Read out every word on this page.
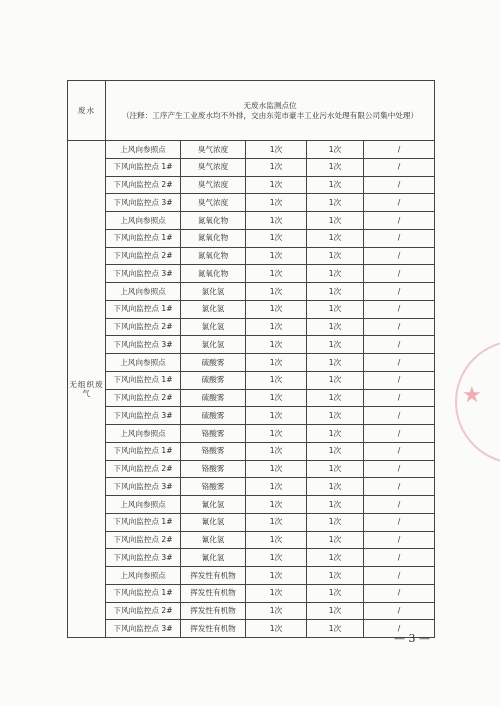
废水	无废水监测点位
（注释：工序产生工业废水均不外排，交由东莞市豪丰工业污水处理有限公司集中处理）				

无组织废气	上风向参照点	臭气浓度	1次	1次	/
	下风向监控点 1#	臭气浓度	1次	1次	/
	下风向监控点 2#	臭气浓度	1次	1次	/
	下风向监控点 3#	臭气浓度	1次	1次	/
	上风向参照点	氮氧化物	1次	1次	/
	下风向监控点 1#	氮氧化物	1次	1次	/
	下风向监控点 2#	氮氧化物	1次	1次	/
	下风向监控点 3#	氮氧化物	1次	1次	/
	上风向参照点	氯化氢	1次	1次	/
	下风向监控点 1#	氯化氢	1次	1次	/
	下风向监控点 2#	氯化氢	1次	1次	/
	下风向监控点 3#	氯化氢	1次	1次	/
	上风向参照点	硫酸雾	1次	1次	/
	下风向监控点 1#	硫酸雾	1次	1次	/
	下风向监控点 2#	硫酸雾	1次	1次	/
	下风向监控点 3#	硫酸雾	1次	1次	/
	上风向参照点	铬酸雾	1次	1次	/
	下风向监控点 1#	铬酸雾	1次	1次	/
	下风向监控点 2#	铬酸雾	1次	1次	/
	下风向监控点 3#	铬酸雾	1次	1次	/
	上风向参照点	氰化氢	1次	1次	/
	下风向监控点 1#	氰化氢	1次	1次	/
	下风向监控点 2#	氰化氢	1次	1次	/
	下风向监控点 3#	氰化氢	1次	1次	/
	上风向参照点	挥发性有机物	1次	1次	/
	下风向监控点 1#	挥发性有机物	1次	1次	/
	下风向监控点 2#	挥发性有机物	1次	1次	/
	下风向监控点 3#	挥发性有机物	1次	1次	/
★
— 3 —
